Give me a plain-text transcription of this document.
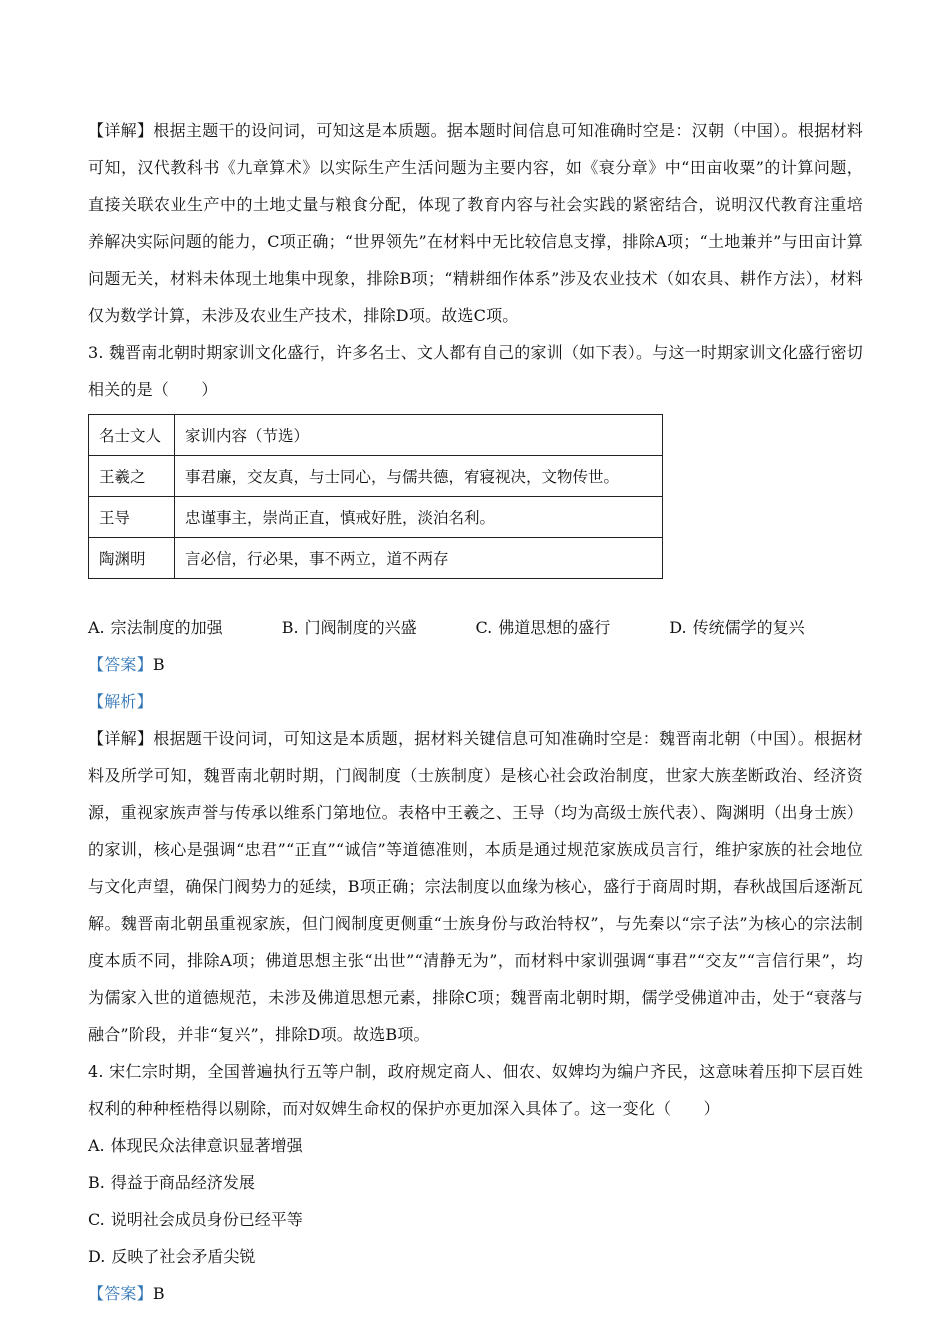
【详解】根据主题干的设问词，可知这是本质题。据本题时间信息可知准确时空是：汉朝（中国）。根据材料可知，汉代教科书《九章算术》以实际生产生活问题为主要内容，如《衰分章》中“田亩收粟”的计算问题，直接关联农业生产中的土地丈量与粮食分配，体现了教育内容与社会实践的紧密结合，说明汉代教育注重培养解决实际问题的能力，C项正确；“世界领先”在材料中无比较信息支撑，排除A项；“土地兼并”与田亩计算问题无关，材料未体现土地集中现象，排除B项；“精耕细作体系”涉及农业技术（如农具、耕作方法），材料仅为数学计算，未涉及农业生产技术，排除D项。故选C项。

3. 魏晋南北朝时期家训文化盛行，许多名士、文人都有自己的家训（如下表）。与这一时期家训文化盛行密切相关的是（　　）

名士文人	家训内容（节选）
王羲之	事君廉，交友真，与士同心，与儒共德，宥寝视决，文物传世。
王导	忠谨事主，崇尚正直，慎戒好胜，淡泊名利。
陶渊明	言必信，行必果，事不两立，道不两存
A. 宗法制度的加强	B. 门阀制度的兴盛	C. 佛道思想的盛行	D. 传统儒学的复兴

【答案】B

【解析】

【详解】根据题干设问词，可知这是本质题，据材料关键信息可知准确时空是：魏晋南北朝（中国）。根据材料及所学可知，魏晋南北朝时期，门阀制度（士族制度）是核心社会政治制度，世家大族垄断政治、经济资源，重视家族声誉与传承以维系门第地位。表格中王羲之、王导（均为高级士族代表）、陶渊明（出身士族）的家训，核心是强调“忠君”“正直”“诚信”等道德准则，本质是通过规范家族成员言行，维护家族的社会地位与文化声望，确保门阀势力的延续，B项正确；宗法制度以血缘为核心，盛行于商周时期，春秋战国后逐渐瓦解。魏晋南北朝虽重视家族，但门阀制度更侧重“士族身份与政治特权”，与先秦以“宗子法”为核心的宗法制度本质不同，排除A项；佛道思想主张“出世”“清静无为”，而材料中家训强调“事君”“交友”“言信行果”，均为儒家入世的道德规范，未涉及佛道思想元素，排除C项；魏晋南北朝时期，儒学受佛道冲击，处于“衰落与融合”阶段，并非“复兴”，排除D项。故选B项。

4. 宋仁宗时期，全国普遍执行五等户制，政府规定商人、佃农、奴婢均为编户齐民，这意味着压抑下层百姓权利的种种桎梏得以剔除，而对奴婢生命权的保护亦更加深入具体了。这一变化（　　）

A. 体现民众法律意识显著增强
B. 得益于商品经济发展
C. 说明社会成员身份已经平等
D. 反映了社会矛盾尖锐

【答案】B
